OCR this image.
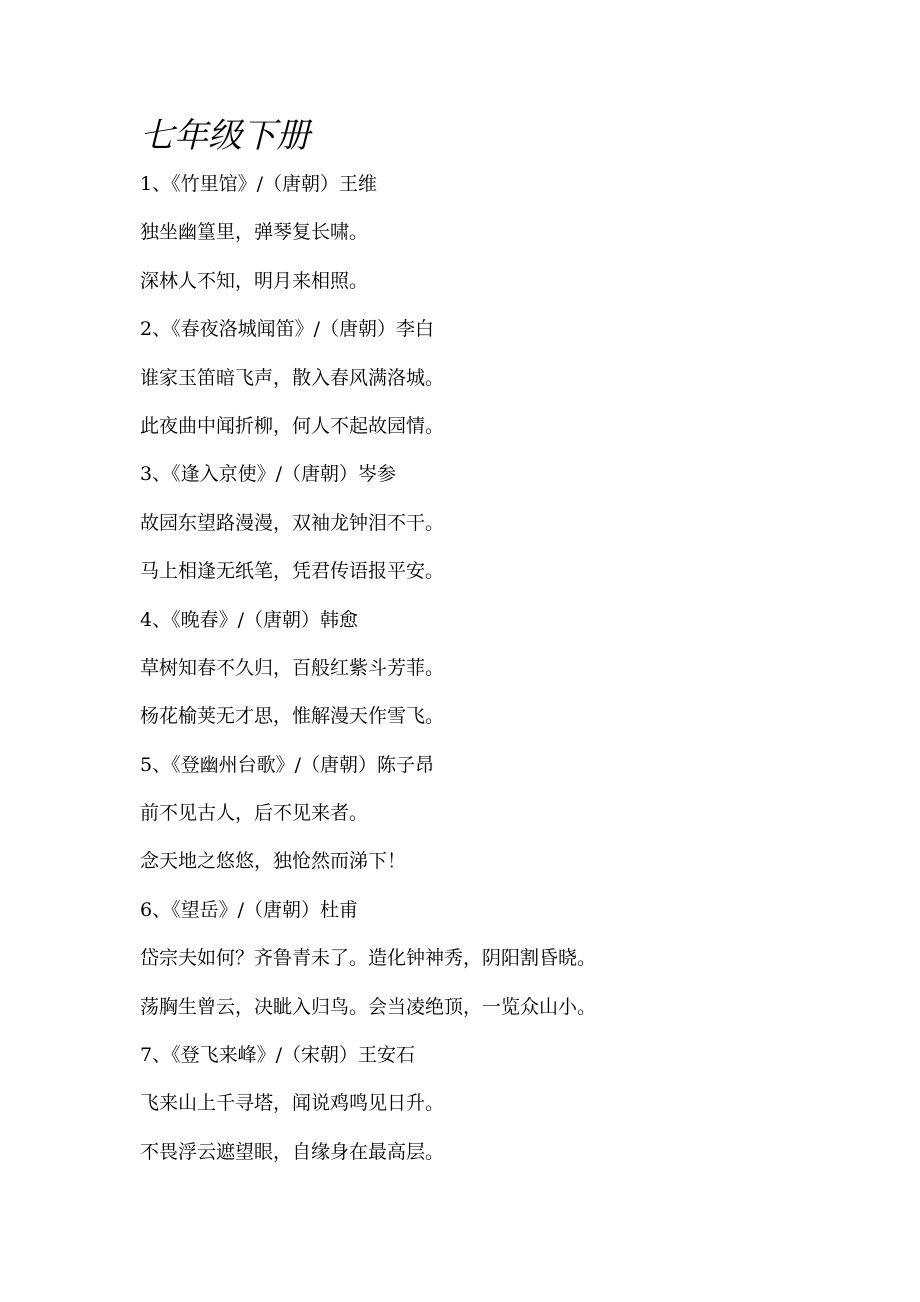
七年级下册
1、《竹里馆》/（唐朝）王维
独坐幽篁里，弹琴复长啸。
深林人不知，明月来相照。
2、《春夜洛城闻笛》/（唐朝）李白
谁家玉笛暗飞声，散入春风满洛城。
此夜曲中闻折柳，何人不起故园情。
3、《逢入京使》/（唐朝）岑参
故园东望路漫漫，双袖龙钟泪不干。
马上相逢无纸笔，凭君传语报平安。
4、《晚春》/（唐朝）韩愈
草树知春不久归，百般红紫斗芳菲。
杨花榆荚无才思，惟解漫天作雪飞。
5、《登幽州台歌》/（唐朝）陈子昂
前不见古人，后不见来者。
念天地之悠悠，独怆然而涕下！
6、《望岳》/（唐朝）杜甫
岱宗夫如何？齐鲁青未了。造化钟神秀，阴阳割昏晓。
荡胸生曾云，决眦入归鸟。会当凌绝顶，一览众山小。
7、《登飞来峰》/（宋朝）王安石
飞来山上千寻塔，闻说鸡鸣见日升。
不畏浮云遮望眼，自缘身在最高层。
